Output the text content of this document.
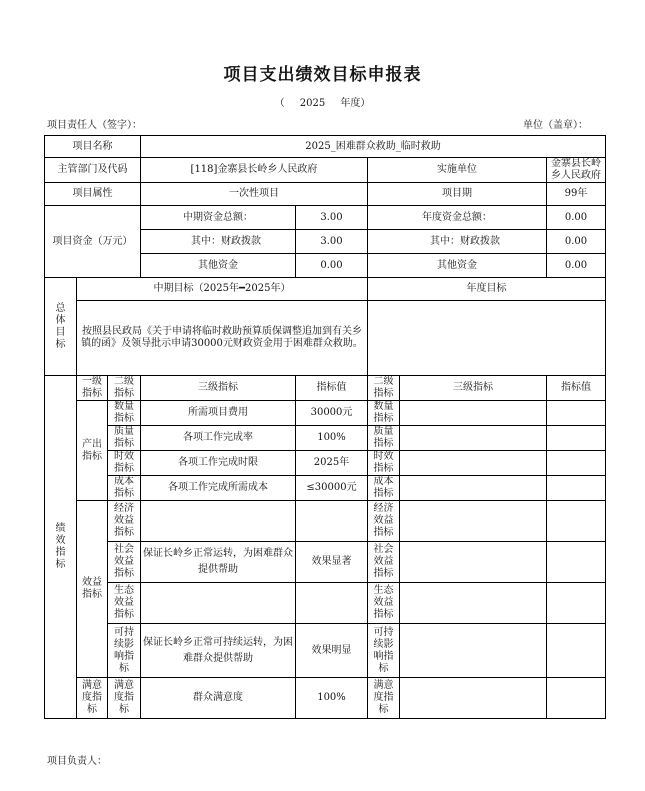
项目支出绩效目标申报表
（ 2025 年度）
项目责任人（签字）：	单位（盖章）：
项目名称			2025_困难群众救助_临时救助				
主管部门及代码			[118]金寨县长岭乡人民政府		实施单位		金寨县长岭乡人民政府
项目属性			一次性项目		项目期		99年
项目资金（万元）			中期资金总额：	3.00	年度资金总额：		0.00
			其中：财政拨款	3.00	其中：财政拨款		0.00
			其他资金	0.00	其他资金		0.00
总体目标	中期目标（2025年━2025年）				年度目标		
	按照县民政局《关于申请将临时救助预算质保调整追加到有关乡镇的函》及领导批示申请30000元财政资金用于困难群众救助。						
绩效指标	一级指标	二级指标	三级指标	指标值	二级指标	三级指标	指标值
	产出指标	数量指标	所需项目费用	30000元	数量指标		
		质量指标	各项工作完成率	100%	质量指标		
		时效指标	各项工作完成时限	2025年	时效指标		
		成本指标	各项工作完成所需成本	≤30000元	成本指标		
	效益指标	经济效益指标			经济效益指标		
		社会效益指标	保证长岭乡正常运转，为困难群众提供帮助	效果显著	社会效益指标		
		生态效益指标			生态效益指标		
		可持续影响指标	保证长岭乡正常可持续运转，为困难群众提供帮助	效果明显	可持续影响指标		
	满意度指标	满意度指标	群众满意度	100%	满意度指标		
项目负责人：
